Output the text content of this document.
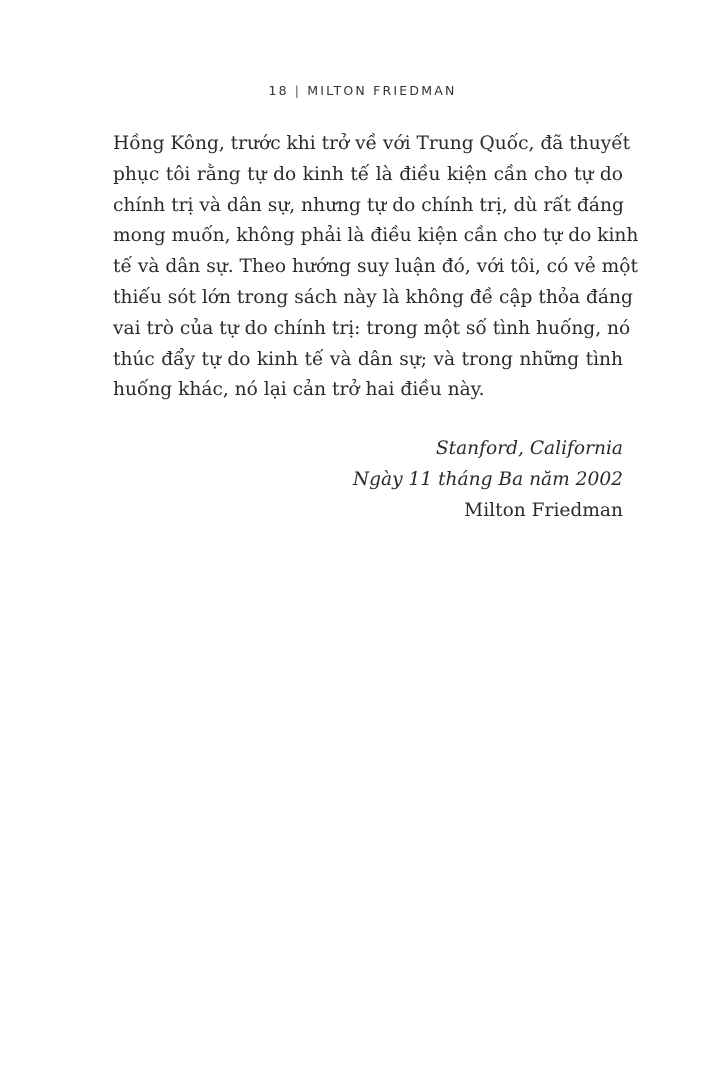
18 | MILTON FRIEDMAN
Hồng Kông, trước khi trở về với Trung Quốc, đã thuyết
phục tôi rằng tự do kinh tế là điều kiện cần cho tự do
chính trị và dân sự, nhưng tự do chính trị, dù rất đáng
mong muốn, không phải là điều kiện cần cho tự do kinh
tế và dân sự. Theo hướng suy luận đó, với tôi, có vẻ một
thiếu sót lớn trong sách này là không đề cập thỏa đáng
vai trò của tự do chính trị: trong một số tình huống, nó
thúc đẩy tự do kinh tế và dân sự; và trong những tình
huống khác, nó lại cản trở hai điều này.
Stanford, California
Ngày 11 tháng Ba năm 2002
Milton Friedman
